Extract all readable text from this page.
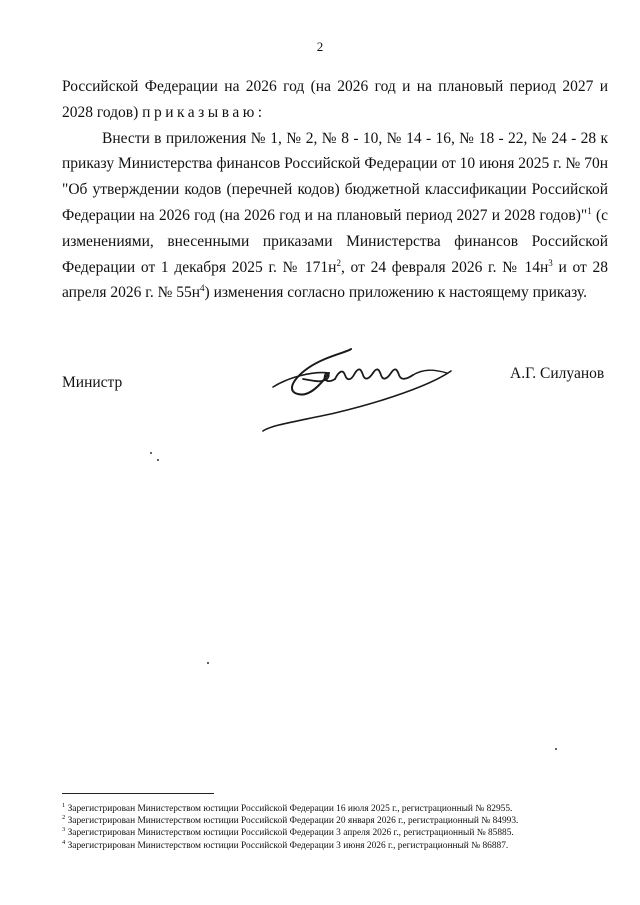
2

Российской Федерации на 2026 год (на 2026 год и на плановый период 2027 и 2028 годов) приказываю:

Внести в приложения № 1, № 2, № 8 - 10, № 14 - 16, № 18 - 22, № 24 - 28 к приказу Министерства финансов Российской Федерации от 10 июня 2025 г. № 70н "Об утверждении кодов (перечней кодов) бюджетной классификации Российской Федерации на 2026 год (на 2026 год и на плановый период 2027 и 2028 годов)"$^1$ (с изменениями, внесенными приказами Министерства финансов Российской Федерации от 1 декабря 2025 г. № $171н^2$, от 24 февраля 2026 г. № $14н^3$ и от 28 апреля 2026 г. № $55н^4$) изменения согласно приложению к настоящему приказу.

Министр
А.Г. Силуанов
$^1$ Зарегистрирован Министерством юстиции Российской Федерации 16 июля 2025 г., регистрационный № 82955.
$^2$ Зарегистрирован Министерством юстиции Российской Федерации 20 января 2026 г., регистрационный № 84993.
$^3$ Зарегистрирован Министерством юстиции Российской Федерации 3 апреля 2026 г., регистрационный № 85885.
$^4$ Зарегистрирован Министерством юстиции Российской Федерации 3 июня 2026 г., регистрационный № 86887.
